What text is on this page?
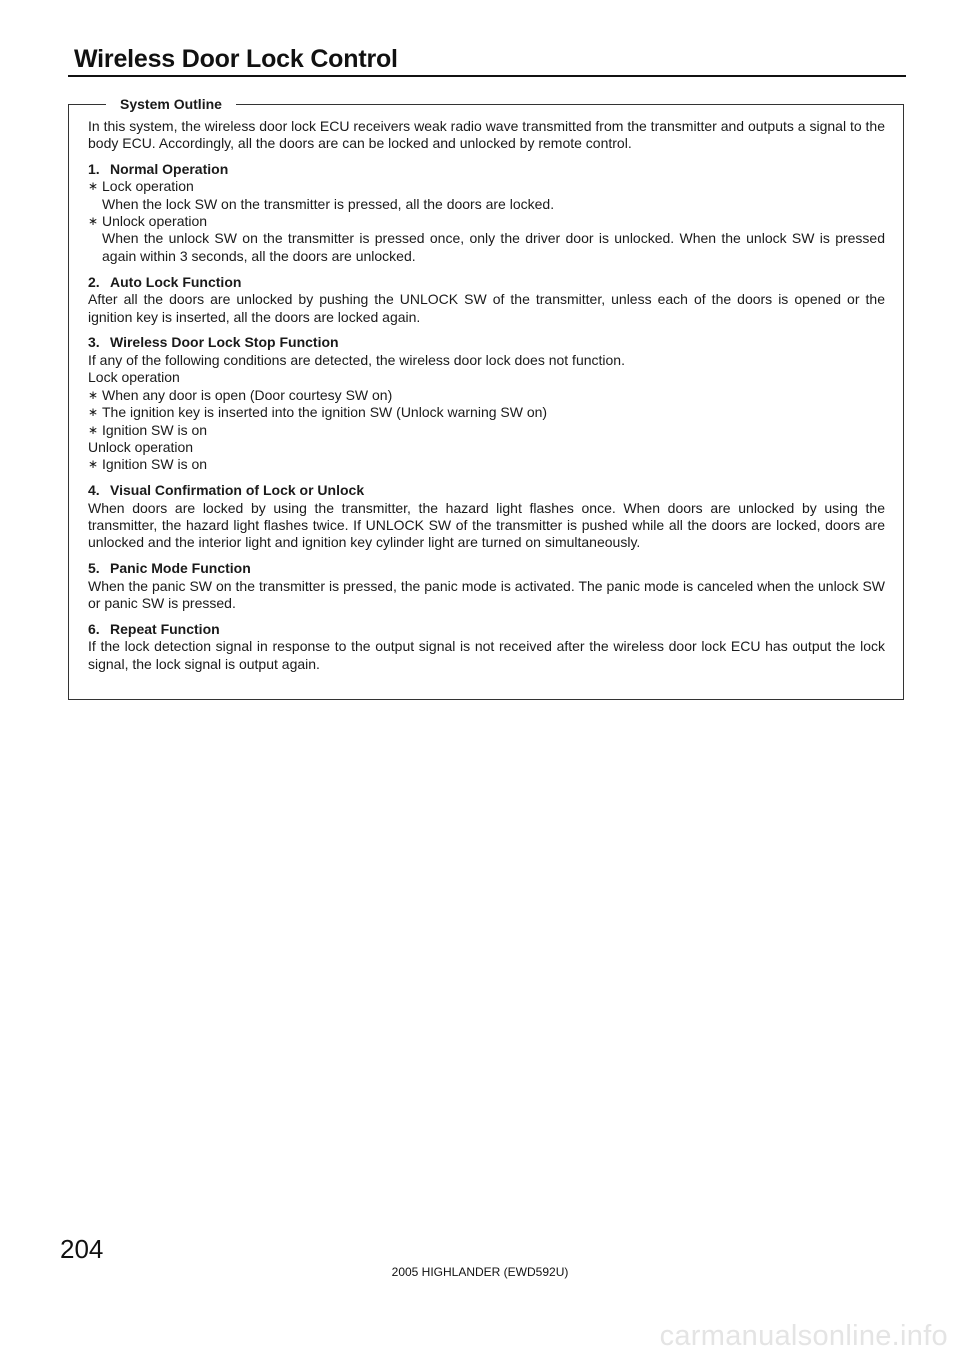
Wireless Door Lock Control
System Outline

In this system, the wireless door lock ECU receivers weak radio wave transmitted from the transmitter and outputs a signal to the body ECU. Accordingly, all the doors are can be locked and unlocked by remote control.

1. Normal Operation

∗ Lock operation

When the lock SW on the transmitter is pressed, all the doors are locked.

∗ Unlock operation

When the unlock SW on the transmitter is pressed once, only the driver door is unlocked. When the unlock SW is pressed again within 3 seconds, all the doors are unlocked.

2. Auto Lock Function

After all the doors are unlocked by pushing the UNLOCK SW of the transmitter, unless each of the doors is opened or the ignition key is inserted, all the doors are locked again.

3. Wireless Door Lock Stop Function

If any of the following conditions are detected, the wireless door lock does not function.

Lock operation

∗ When any door is open (Door courtesy SW on)
∗ The ignition key is inserted into the ignition SW (Unlock warning SW on)
∗ Ignition SW is on

Unlock operation

∗ Ignition SW is on

4. Visual Confirmation of Lock or Unlock

When doors are locked by using the transmitter, the hazard light flashes once. When doors are unlocked by using the transmitter, the hazard light flashes twice. If UNLOCK SW of the transmitter is pushed while all the doors are locked, doors are unlocked and the interior light and ignition key cylinder light are turned on simultaneously.

5. Panic Mode Function

When the panic SW on the transmitter is pressed, the panic mode is activated. The panic mode is canceled when the unlock SW or panic SW is pressed.

6. Repeat Function

If the lock detection signal in response to the output signal is not received after the wireless door lock ECU has output the lock signal, the lock signal is output again.

204
2005 HIGHLANDER (EWD592U)
carmanualsonline.info
